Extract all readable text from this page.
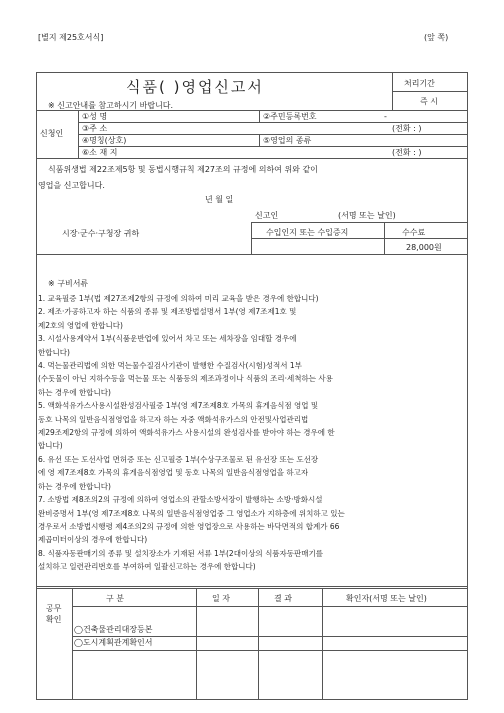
[별지 제25호서식]	(앞 쪽)
식품( )영업신고서	처리기간
즉 시
※ 신고안내를 참고하시기 바랍니다.
신청인
①성 명	②주민등록번호	-
③주 소	(전화 : )
④명칭(상호)	⑤영업의 종류
⑥소 재 지	(전화 : )
식품위생법 제22조제5항 및 동법시행규칙 제27조의 규정에 의하여 위와 같이
영업을 신고합니다.
년 월 일
신고인	(서명 또는 날인)
시장·군수·구청장 귀하	수입인지 또는 수입증지	수수료
28,000원
※ 구비서류
1. 교육필증 1부(법 제27조제2항의 규정에 의하여 미리 교육을 받은 경우에 한합니다)
2. 제조·가공하고자 하는 식품의 종류 및 제조방법설명서 1부(영 제7조제1호 및
제2호의 영업에 한합니다)
3. 시설사용계약서 1부(식품운반업에 있어서 차고 또는 세차장을 임대할 경우에
한합니다)
4. 먹는물관리법에 의한 먹는물수질검사기관이 발행한 수질검사(시험)성적서 1부
(수돗물이 아닌 지하수등을 먹는물 또는 식품등의 제조과정이나 식품의 조리·세척하는 사용
하는 경우에 한합니다)
5. 액화석유가스사용시설완성검사필증 1부(영 제7조제8호 가목의 휴게음식점 영업 및
동호 나목의 일반음식점영업을 하고자 하는 자중 액화석유가스의 안전및사업관리법
제29조제2항의 규정에 의하여 액화석유가스 사용시설의 완성검사를 받아야 하는 경우에 한
합니다)
6. 유선 또는 도선사업 면허증 또는 신고필증 1부(수상구조물로 된 유선장 또는 도선장
에 영 제7조제8호 가목의 휴게음식점영업 및 동호 나목의 일반음식점영업을 하고자
하는 경우에 한합니다)
7. 소방법 제8조의2의 규정에 의하여 영업소의 관할소방서장이 발행하는 소방·방화시설
완비증명서 1부(영 제7조제8호 나목의 일반음식점영업중 그 영업소가 지하층에 위치하고 있는
경우로서 소방법시행령 제4조의2의 규정에 의한 영업장으로 사용하는 바닥면적의 합계가 66
제곱미터이상의 경우에 한합니다)
8. 식품자동판매기의 종류 및 설치장소가 기재된 서류 1부(2대이상의 식품자동판매기를
설치하고 일련관리번호를 부여하여 일괄신고하는 경우에 한합니다)
공무
확인
구 분	일 자	결 과	확인자(서명 또는 날인)
◯건축물관리대장등본
◯도시계획관계확인서
